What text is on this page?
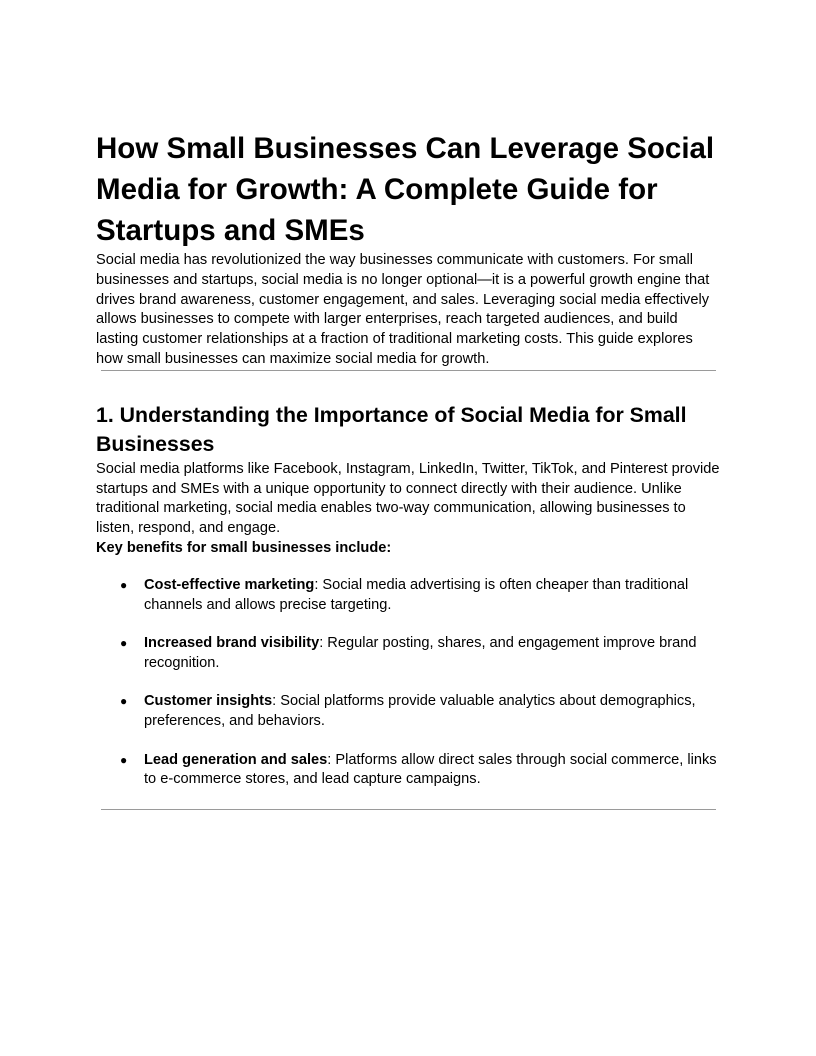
How Small Businesses Can Leverage Social Media for Growth: A Complete Guide for Startups and SMEs

Social media has revolutionized the way businesses communicate with customers. For small businesses and startups, social media is no longer optional—it is a powerful growth engine that drives brand awareness, customer engagement, and sales. Leveraging social media effectively allows businesses to compete with larger enterprises, reach targeted audiences, and build lasting customer relationships at a fraction of traditional marketing costs. This guide explores how small businesses can maximize social media for growth.

1. Understanding the Importance of Social Media for Small Businesses

Social media platforms like Facebook, Instagram, LinkedIn, Twitter, TikTok, and Pinterest provide startups and SMEs with a unique opportunity to connect directly with their audience. Unlike traditional marketing, social media enables two-way communication, allowing businesses to listen, respond, and engage.

Key benefits for small businesses include:

● Cost-effective marketing: Social media advertising is often cheaper than traditional channels and allows precise targeting.
● Increased brand visibility: Regular posting, shares, and engagement improve brand recognition.
● Customer insights: Social platforms provide valuable analytics about demographics, preferences, and behaviors.
● Lead generation and sales: Platforms allow direct sales through social commerce, links to e-commerce stores, and lead capture campaigns.
